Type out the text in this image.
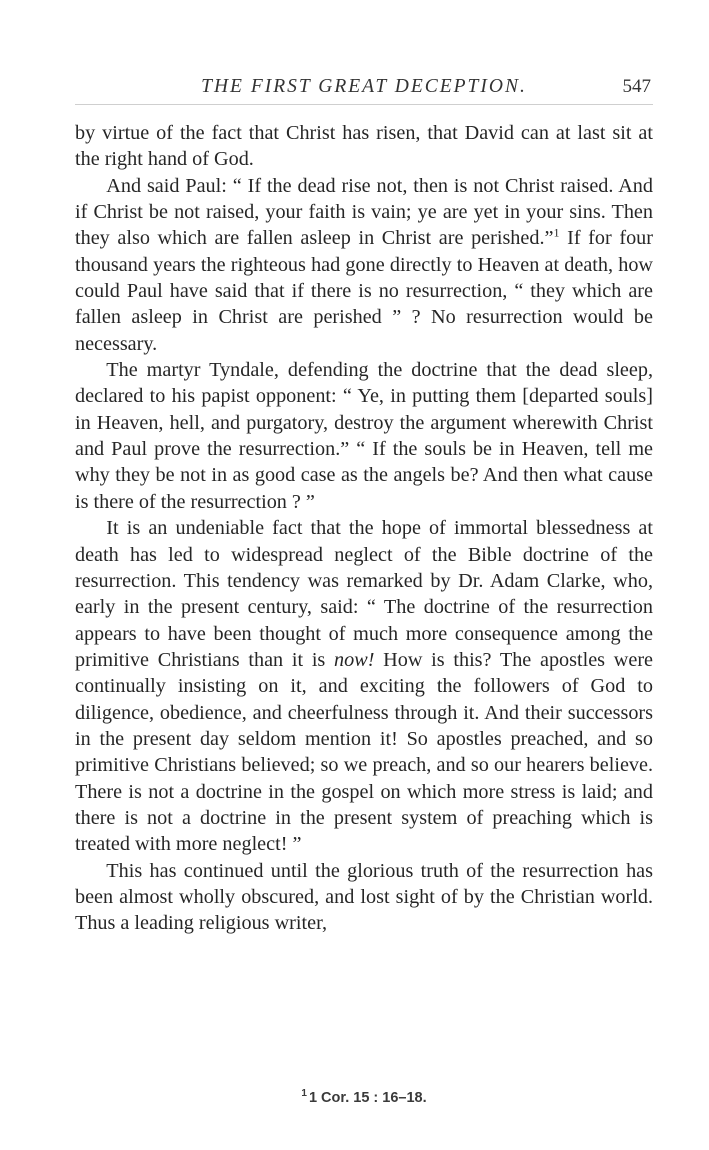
THE FIRST GREAT DECEPTION.	547

by virtue of the fact that Christ has risen, that David can at last sit at the right hand of God.

And said Paul: “ If the dead rise not, then is not Christ raised. And if Christ be not raised, your faith is vain; ye are yet in your sins. Then they also which are fallen asleep in Christ are perished.”$^1$ If for four thousand years the righteous had gone directly to Heaven at death, how could Paul have said that if there is no resurrection, “ they which are fallen asleep in Christ are perished ” ? No resurrection would be necessary.

The martyr Tyndale, defending the doctrine that the dead sleep, declared to his papist opponent: “ Ye, in putting them [departed souls] in Heaven, hell, and purgatory, destroy the argument wherewith Christ and Paul prove the resurrection.” “ If the souls be in Heaven, tell me why they be not in as good case as the angels be? And then what cause is there of the resurrection ? ”

It is an undeniable fact that the hope of immortal blessedness at death has led to widespread neglect of the Bible doctrine of the resurrection. This tendency was remarked by Dr. Adam Clarke, who, early in the present century, said: “ The doctrine of the resurrection appears to have been thought of much more consequence among the primitive Christians than it is now! How is this? The apostles were continually insisting on it, and exciting the followers of God to diligence, obedience, and cheerfulness through it. And their successors in the present day seldom mention it! So apostles preached, and so primitive Christians believed; so we preach, and so our hearers believe. There is not a doctrine in the gospel on which more stress is laid; and there is not a doctrine in the present system of preaching which is treated with more neglect! ”

This has continued until the glorious truth of the resurrection has been almost wholly obscured, and lost sight of by the Christian world. Thus a leading religious writer,

$^1$ 1 Cor. 15 : 16–18.
